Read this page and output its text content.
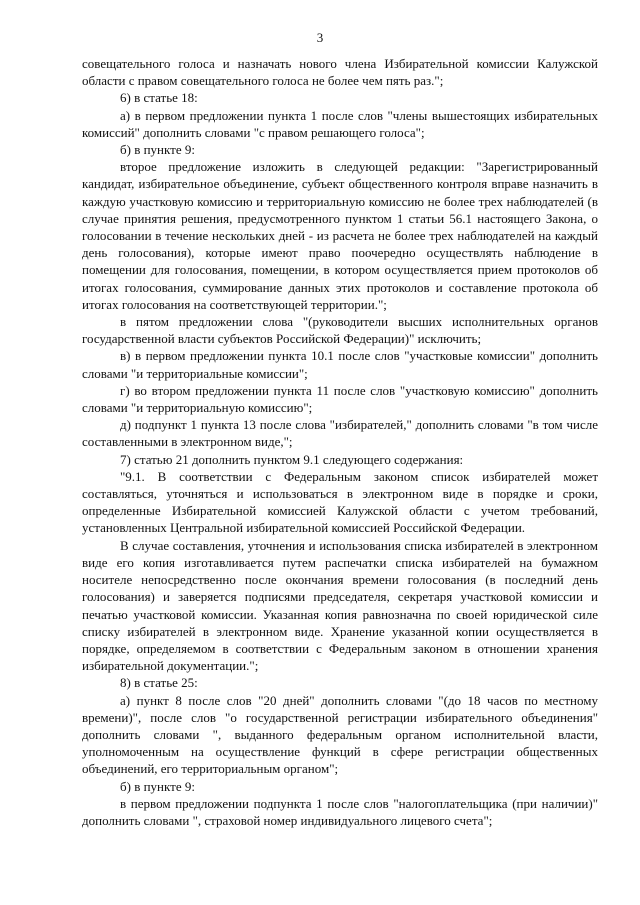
3

совещательного голоса и назначать нового члена Избирательной комиссии Калужской области с правом совещательного голоса не более чем пять раз.";

6) в статье 18:

а) в первом предложении пункта 1 после слов "члены вышестоящих избирательных комиссий" дополнить словами "с правом решающего голоса";

б) в пункте 9:

второе предложение изложить в следующей редакции: "Зарегистрированный кандидат, избирательное объединение, субъект общественного контроля вправе назначить в каждую участковую комиссию и территориальную комиссию не более трех наблюдателей (в случае принятия решения, предусмотренного пунктом 1 статьи 56.1 настоящего Закона, о голосовании в течение нескольких дней - из расчета не более трех наблюдателей на каждый день голосования), которые имеют право поочередно осуществлять наблюдение в помещении для голосования, помещении, в котором осуществляется прием протоколов об итогах голосования, суммирование данных этих протоколов и составление протокола об итогах голосования на соответствующей территории.";

в пятом предложении слова "(руководители высших исполнительных органов государственной власти субъектов Российской Федерации)" исключить;

в) в первом предложении пункта 10.1 после слов "участковые комиссии" дополнить словами "и территориальные комиссии";

г) во втором предложении пункта 11 после слов "участковую комиссию" дополнить словами "и территориальную комиссию";

д) подпункт 1 пункта 13 после слова "избирателей," дополнить словами "в том числе составленными в электронном виде,";

7) статью 21 дополнить пунктом 9.1 следующего содержания:

"9.1. В соответствии с Федеральным законом список избирателей может составляться, уточняться и использоваться в электронном виде в порядке и сроки, определенные Избирательной комиссией Калужской области с учетом требований, установленных Центральной избирательной комиссией Российской Федерации.

В случае составления, уточнения и использования списка избирателей в электронном виде его копия изготавливается путем распечатки списка избирателей на бумажном носителе непосредственно после окончания времени голосования (в последний день голосования) и заверяется подписями председателя, секретаря участковой комиссии и печатью участковой комиссии. Указанная копия равнозначна по своей юридической силе списку избирателей в электронном виде. Хранение указанной копии осуществляется в порядке, определяемом в соответствии с Федеральным законом в отношении хранения избирательной документации.";

8) в статье 25:

а) пункт 8 после слов "20 дней" дополнить словами "(до 18 часов по местному времени)", после слов "о государственной регистрации избирательного объединения" дополнить словами ", выданного федеральным органом исполнительной власти, уполномоченным на осуществление функций в сфере регистрации общественных объединений, его территориальным органом";

б) в пункте 9:

в первом предложении подпункта 1 после слов "налогоплательщика (при наличии)" дополнить словами ", страховой номер индивидуального лицевого счета";
